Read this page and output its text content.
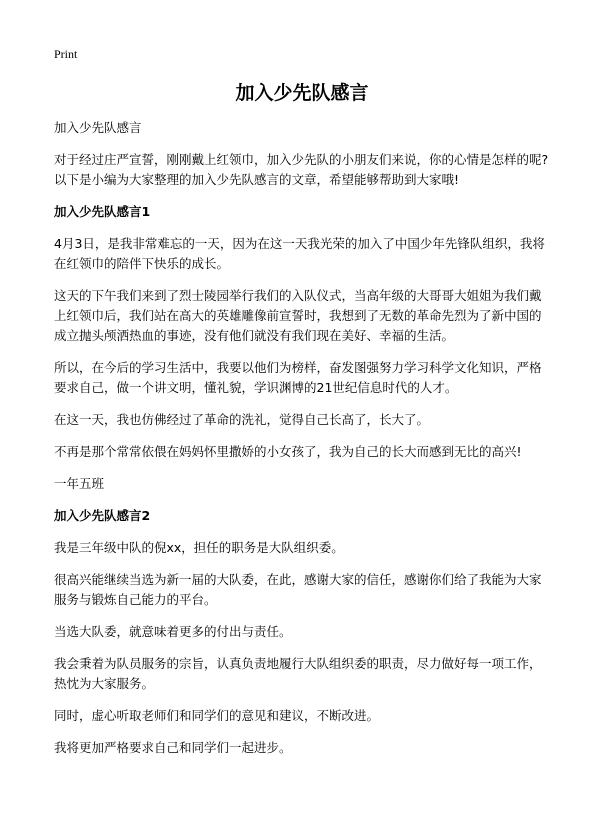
Print
加入少先队感言

加入少先队感言

对于经过庄严宣誓，刚刚戴上红领巾，加入少先队的小朋友们来说，你的心情是怎样的呢?以下是小编为大家整理的加入少先队感言的文章，希望能够帮助到大家哦!

加入少先队感言1

4月3日，是我非常难忘的一天，因为在这一天我光荣的加入了中国少年先锋队组织，我将在红领巾的陪伴下快乐的成长。

这天的下午我们来到了烈士陵园举行我们的入队仪式，当高年级的大哥哥大姐姐为我们戴上红领巾后，我们站在高大的英雄雕像前宣誓时，我想到了无数的革命先烈为了新中国的成立抛头颅洒热血的事迹，没有他们就没有我们现在美好、幸福的生活。

所以，在今后的学习生活中，我要以他们为榜样，奋发图强努力学习科学文化知识，严格要求自己，做一个讲文明，懂礼貌，学识渊博的21世纪信息时代的人才。

在这一天，我也仿佛经过了革命的洗礼，觉得自己长高了，长大了。

不再是那个常常依偎在妈妈怀里撒娇的小女孩了，我为自己的长大而感到无比的高兴!

一年五班

加入少先队感言2

我是三年级中队的倪xx，担任的职务是大队组织委。

很高兴能继续当选为新一届的大队委，在此，感谢大家的信任，感谢你们给了我能为大家服务与锻炼自己能力的平台。

当选大队委，就意味着更多的付出与责任。

我会秉着为队员服务的宗旨，认真负责地履行大队组织委的职责，尽力做好每一项工作，热忱为大家服务。

同时，虚心听取老师们和同学们的意见和建议，不断改进。

我将更加严格要求自己和同学们一起进步。
